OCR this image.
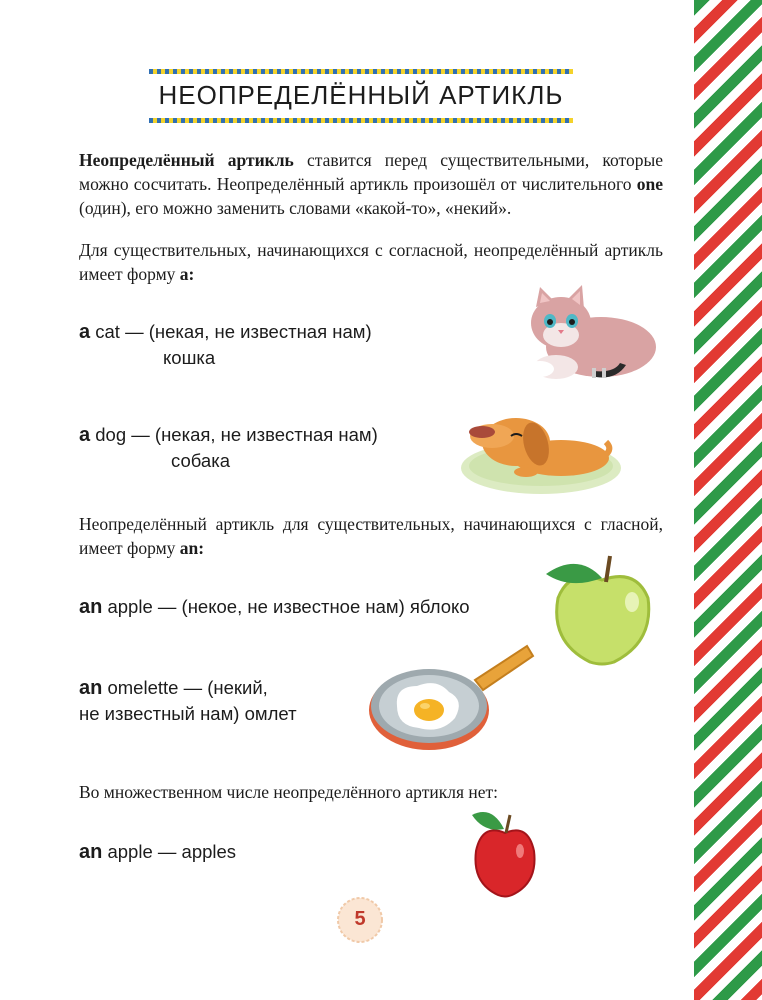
НЕОПРЕДЕЛЁННЫЙ АРТИКЛЬ

Неопределённый артикль ставится перед существительными, которые можно сосчитать. Неопределённый артикль произошёл от числительного one (один), его можно заменить словами «какой-то», «некий».

Для существительных, начинающихся с согласной, неопределённый артикль имеет форму a:

a cat — (некая, не известная нам)
кошка
a dog — (некая, не известная нам)
собака

Неопределённый артикль для существительных, начинающихся с гласной, имеет форму an:

an apple — (некое, не известное нам) яблоко
an omelette — (некий,
не известный нам) омлет

Во множественном числе неопределённого артикля нет:

an apple — apples
5
